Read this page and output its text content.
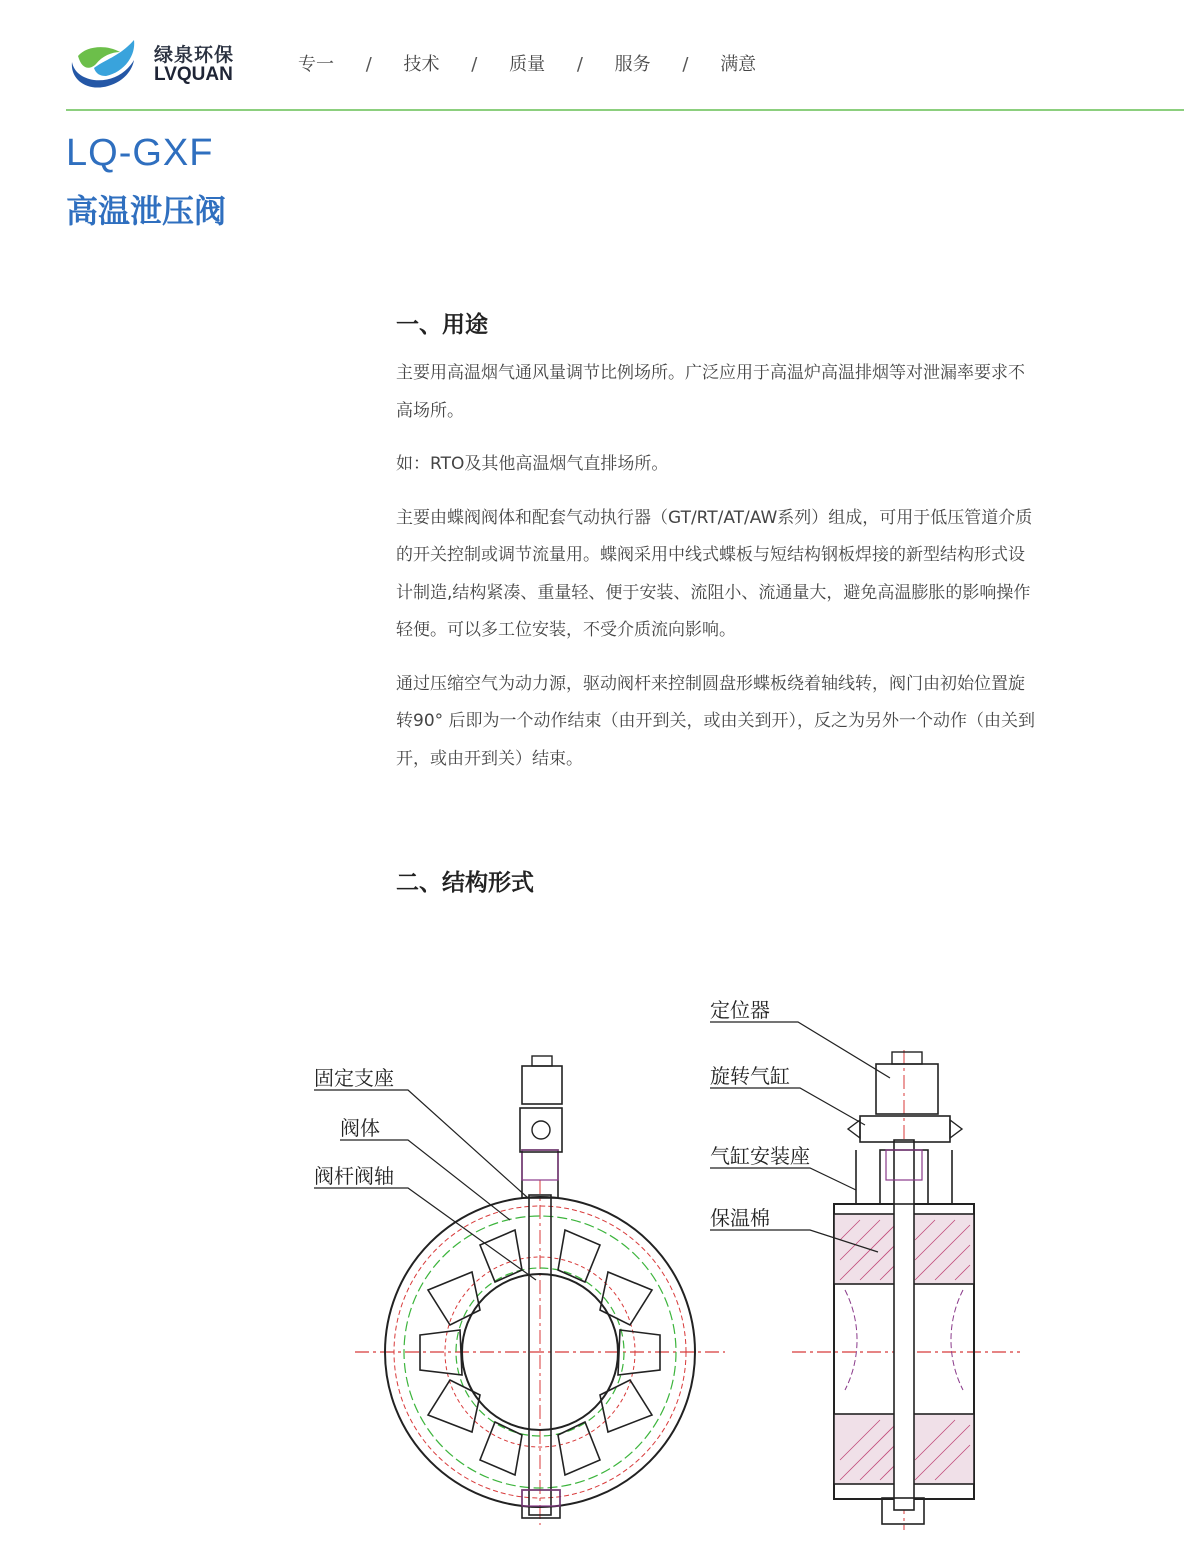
绿泉环保
LVQUAN	专一 / 技术 / 质量 / 服务 / 满意
LQ-GXF
高温泄压阀
一、用途

主要用高温烟气通风量调节比例场所。广泛应用于高温炉高温排烟等对泄漏率要求不高场所。

如：RTO及其他高温烟气直排场所。

主要由蝶阀阀体和配套气动执行器（GT/RT/AT/AW系列）组成，可用于低压管道介质的开关控制或调节流量用。蝶阀采用中线式蝶板与短结构钢板焊接的新型结构形式设计制造,结构紧凑、重量轻、便于安装、流阻小、流通量大，避免高温膨胀的影响操作轻便。可以多工位安装，不受介质流向影响。

通过压缩空气为动力源，驱动阀杆来控制圆盘形蝶板绕着轴线转，阀门由初始位置旋转90° 后即为一个动作结束（由开到关，或由关到开），反之为另外一个动作（由关到开，或由开到关）结束。

二、结构形式
固定支座
阀体
阀杆阀轴
定位器
旋转气缸
气缸安装座
保温棉
